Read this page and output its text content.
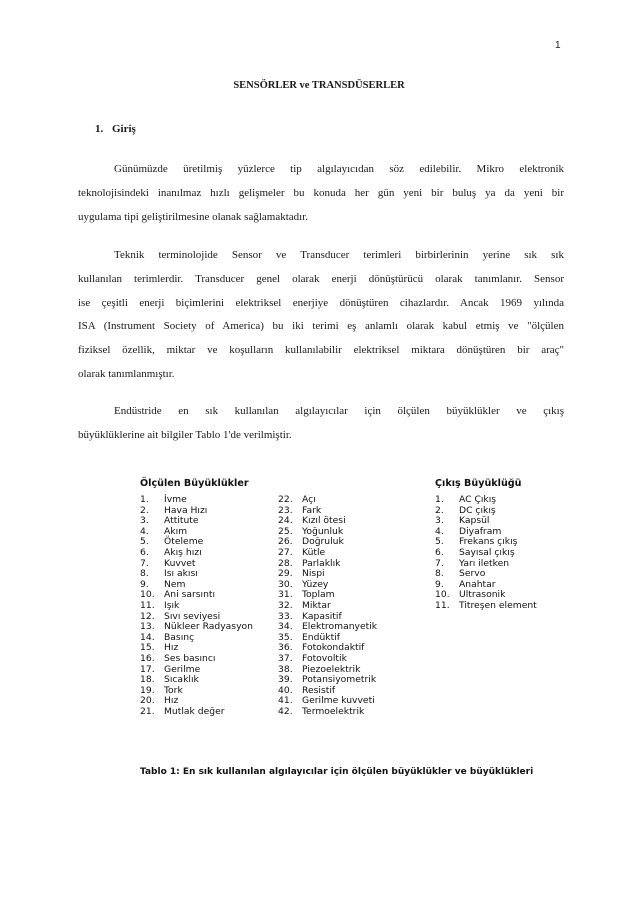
1
SENSÖRLER ve TRANSDÜSERLER
1. Giriş
Günümüzde üretilmiş yüzlerce tip algılayıcıdan söz edilebilir. Mikro elektronik
teknolojisindeki inanılmaz hızlı gelişmeler bu konuda her gün yeni bir buluş ya da yeni bir
uygulama tipi geliştirilmesine olanak sağlamaktadır.
Teknik terminolojide Sensor ve Transducer terimleri birbirlerinin yerine sık sık
kullanılan terimlerdir. Transducer genel olarak enerji dönüştürücü olarak tanımlanır. Sensor
ise çeşitli enerji biçimlerini elektriksel enerjiye dönüştüren cihazlardır. Ancak 1969 yılında
ISA (Instrument Society of America) bu iki terimi eş anlamlı olarak kabul etmiş ve "ölçülen
fiziksel özellik, miktar ve koşulların kullanılabilir elektriksel miktara dönüştüren bir araç"
olarak tanımlanmıştır.
Endüstride en sık kullanılan algılayıcılar için ölçülen büyüklükler ve çıkış
büyüklüklerine ait bilgiler Tablo 1'de verilmiştir.
Ölçülen Büyüklükler
1. İvme
2. Hava Hızı
3. Attitute
4. Akım
5. Öteleme
6. Akış hızı
7. Kuvvet
8. Isı akısı
9. Nem
10. Ani sarsıntı
11. Işık
12. Sıvı seviyesi
13. Nükleer Radyasyon
14. Basınç
15. Hız
16. Ses basıncı
17. Gerilme
18. Sıcaklık
19. Tork
20. Hız
21. Mutlak değer
22. Açı
23. Fark
24. Kızıl ötesi
25. Yoğunluk
26. Doğruluk
27. Kütle
28. Parlaklık
29. Nispi
30. Yüzey
31. Toplam
32. Miktar
33. Kapasitif
34. Elektromanyetik
35. Endüktif
36. Fotokondaktif
37. Fotovoltik
38. Piezoelektrik
39. Potansiyometrik
40. Resistif
41. Gerilme kuvveti
42. Termoelektrik
Çıkış Büyüklüğü
1. AC Çıkış
2. DC çıkış
3. Kapsül
4. Diyafram
5. Frekans çıkış
6. Sayısal çıkış
7. Yarı iletken
8. Servo
9. Anahtar
10. Ultrasonik
11. Titreşen element
Tablo 1: En sık kullanılan algılayıcılar için ölçülen büyüklükler ve büyüklükleri
